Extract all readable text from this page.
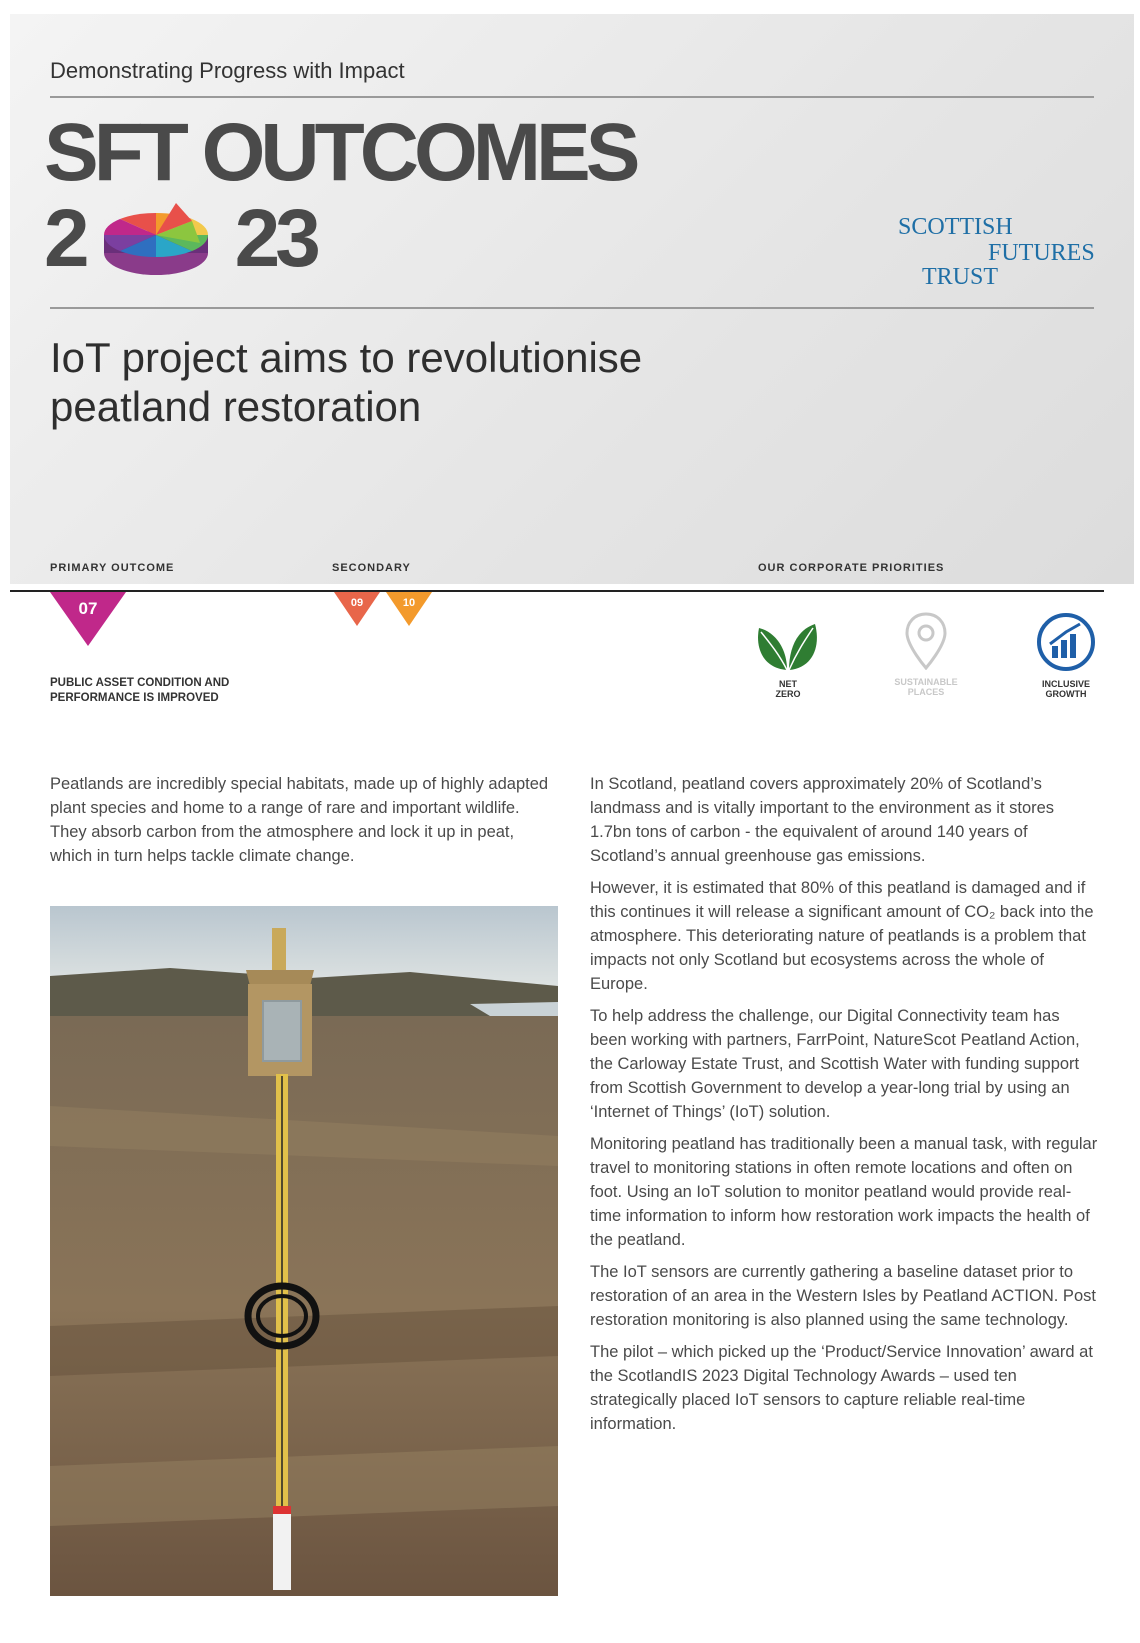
Demonstrating Progress with Impact
SFT OUTCOMES
2 23	SCOTTISH
FUTURES
TRUST
IoT project aims to revolutionise
peatland restoration
PRIMARY OUTCOME	SECONDARY	OUR CORPORATE PRIORITIES
07	09	10
PUBLIC ASSET CONDITION AND
PERFORMANCE IS IMPROVED
NET
ZERO
SUSTAINABLE
PLACES
INCLUSIVE
GROWTH
Peatlands are incredibly special habitats, made up of highly adapted plant species and home to a range of rare and important wildlife. They absorb carbon from the atmosphere and lock it up in peat, which in turn helps tackle climate change.

In Scotland, peatland covers approximately 20% of Scotland’s landmass and is vitally important to the environment as it stores 1.7bn tons of carbon - the equivalent of around 140 years of Scotland’s annual greenhouse gas emissions.

However, it is estimated that 80% of this peatland is damaged and if this continues it will release a significant amount of CO₂ back into the atmosphere. This deteriorating nature of peatlands is a problem that impacts not only Scotland but ecosystems across the whole of Europe.

To help address the challenge, our Digital Connectivity team has been working with partners, FarrPoint, NatureScot Peatland Action, the Carloway Estate Trust, and Scottish Water with funding support from Scottish Government to develop a year-long trial by using an ‘Internet of Things’ (IoT) solution.

Monitoring peatland has traditionally been a manual task, with regular travel to monitoring stations in often remote locations and often on foot. Using an IoT solution to monitor peatland would provide real-time information to inform how restoration work impacts the health of the peatland.

The IoT sensors are currently gathering a baseline dataset prior to restoration of an area in the Western Isles by Peatland ACTION. Post restoration monitoring is also planned using the same technology.

The pilot – which picked up the ‘Product/Service Innovation’ award at the ScotlandIS 2023 Digital Technology Awards – used ten strategically placed IoT sensors to capture reliable real-time information.
